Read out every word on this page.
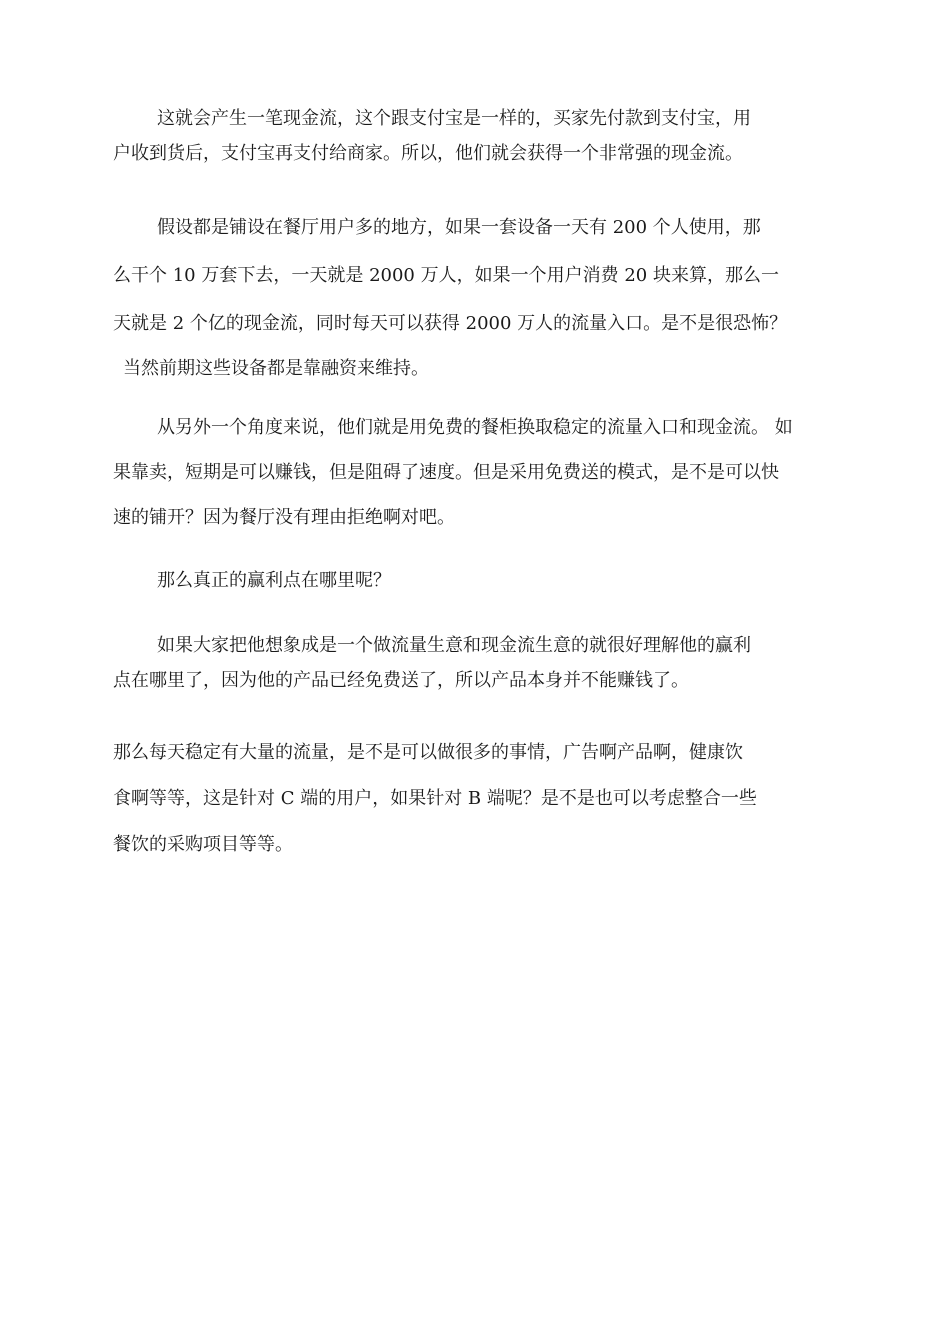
这就会产生一笔现金流，这个跟支付宝是一样的，买家先付款到支付宝，用
户收到货后，支付宝再支付给商家。所以，他们就会获得一个非常强的现金流。
假设都是铺设在餐厅用户多的地方，如果一套设备一天有 200 个人使用，那
么干个 10 万套下去，一天就是 2000 万人，如果一个用户消费 20 块来算，那么一
天就是 2 个亿的现金流，同时每天可以获得 2000 万人的流量入口。是不是很恐怖？
当然前期这些设备都是靠融资来维持。
从另外一个角度来说，他们就是用免费的餐柜换取稳定的流量入口和现金流。 如
果靠卖，短期是可以赚钱，但是阻碍了速度。但是采用免费送的模式，是不是可以快
速的铺开？因为餐厅没有理由拒绝啊对吧。
那么真正的赢利点在哪里呢？
如果大家把他想象成是一个做流量生意和现金流生意的就很好理解他的赢利
点在哪里了，因为他的产品已经免费送了，所以产品本身并不能赚钱了。
那么每天稳定有大量的流量，是不是可以做很多的事情，广告啊产品啊，健康饮
食啊等等，这是针对 C 端的用户，如果针对 B 端呢？是不是也可以考虑整合一些
餐饮的采购项目等等。
